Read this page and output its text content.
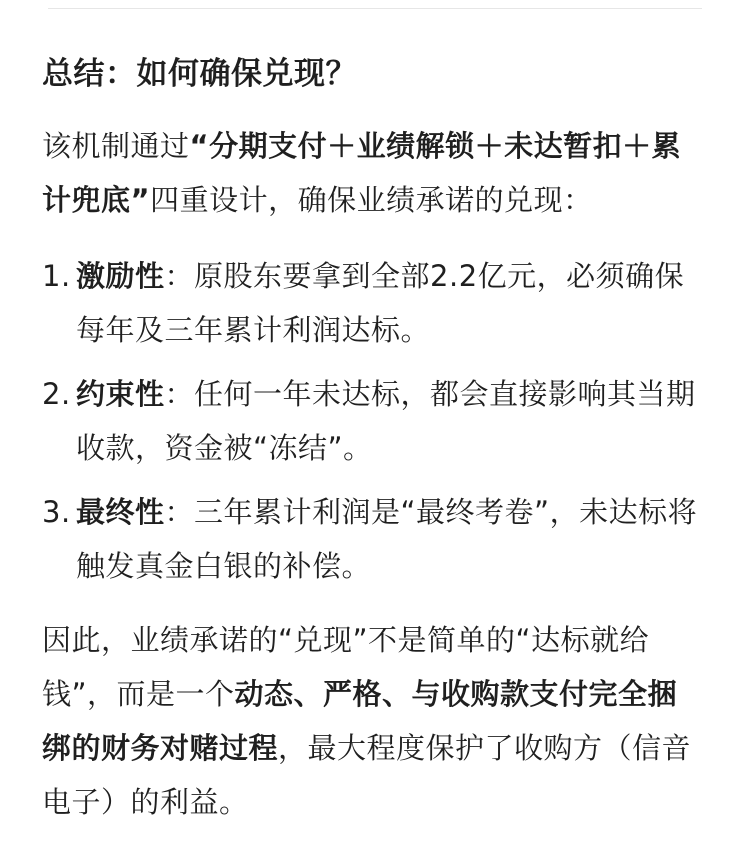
总结：如何确保兑现？

该机制通过“分期支付＋业绩解锁＋未达暂扣＋累计兜底”四重设计，确保业绩承诺的兑现：

1. 激励性：原股东要拿到全部2.2亿元，必须确保每年及三年累计利润达标。
2. 约束性：任何一年未达标，都会直接影响其当期收款，资金被“冻结”。
3. 最终性：三年累计利润是“最终考卷”，未达标将触发真金白银的补偿。

因此，业绩承诺的“兑现”不是简单的“达标就给钱”，而是一个动态、严格、与收购款支付完全捆绑的财务对赌过程，最大程度保护了收购方（信音电子）的利益。
